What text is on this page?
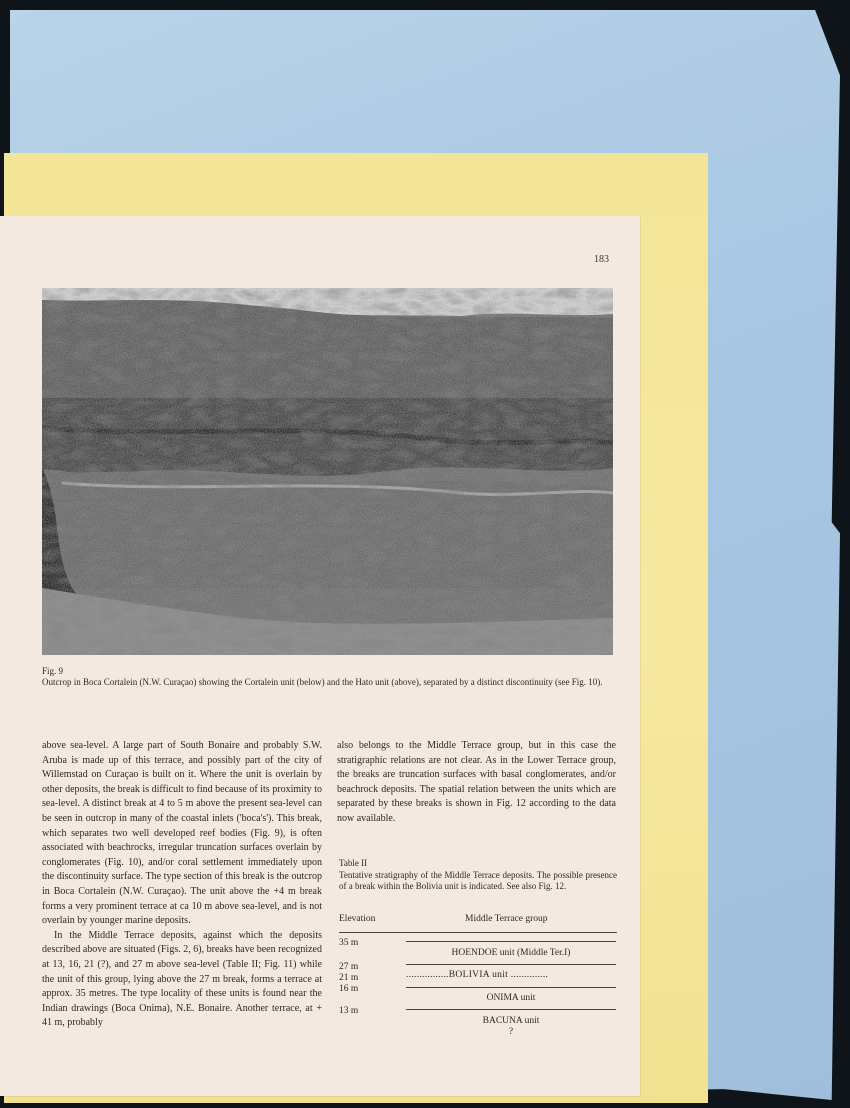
183
Fig. 9
Outcrop in Boca Cortalein (N.W. Curaçao) showing the Cortalein unit (below) and the Hato unit (above), separated by a distinct discontinuity (see Fig. 10).

above sea-level. A large part of South Bonaire and probably S.W. Aruba is made up of this terrace, and possibly part of the city of Willemstad on Curaçao is built on it. Where the unit is overlain by other deposits, the break is difficult to find because of its proximity to sea-level. A distinct break at 4 to 5 m above the present sea-level can be seen in outcrop in many of the coastal inlets ('boca's'). This break, which separates two well developed reef bodies (Fig. 9), is often associated with beachrocks, irregular truncation surfaces overlain by conglomerates (Fig. 10), and/or coral settlement immediately upon the discontinuity surface. The type section of this break is the outcrop in Boca Cortalein (N.W. Curaçao). The unit above the +4 m break forms a very prominent terrace at ca 10 m above sea-level, and is not overlain by younger marine deposits.

In the Middle Terrace deposits, against which the deposits described above are situated (Figs. 2, 6), breaks have been recognized at 13, 16, 21 (?), and 27 m above sea-level (Table II; Fig. 11) while the unit of this group, lying above the 27 m break, forms a terrace at approx. 35 metres. The type locality of these units is found near the Indian drawings (Boca Onima), N.E. Bonaire. Another terrace, at + 41 m, probably

also belongs to the Middle Terrace group, but in this case the stratigraphic relations are not clear. As in the Lower Terrace group, the breaks are truncation surfaces with basal conglomerates, and/or beachrock deposits. The spatial relation between the units which are separated by these breaks is shown in Fig. 12 according to the data now available.

Table II
Tentative stratigraphy of the Middle Terrace deposits. The possible presence of a break within the Bolivia unit is indicated. See also Fig. 12.
Elevation	Middle Terrace group
35 m
HOENDOE unit (Middle Ter.I)
27 m
21 m	................BOLIVIA unit ..............
16 m
ONIMA unit
13 m
BACUNA unit
?
